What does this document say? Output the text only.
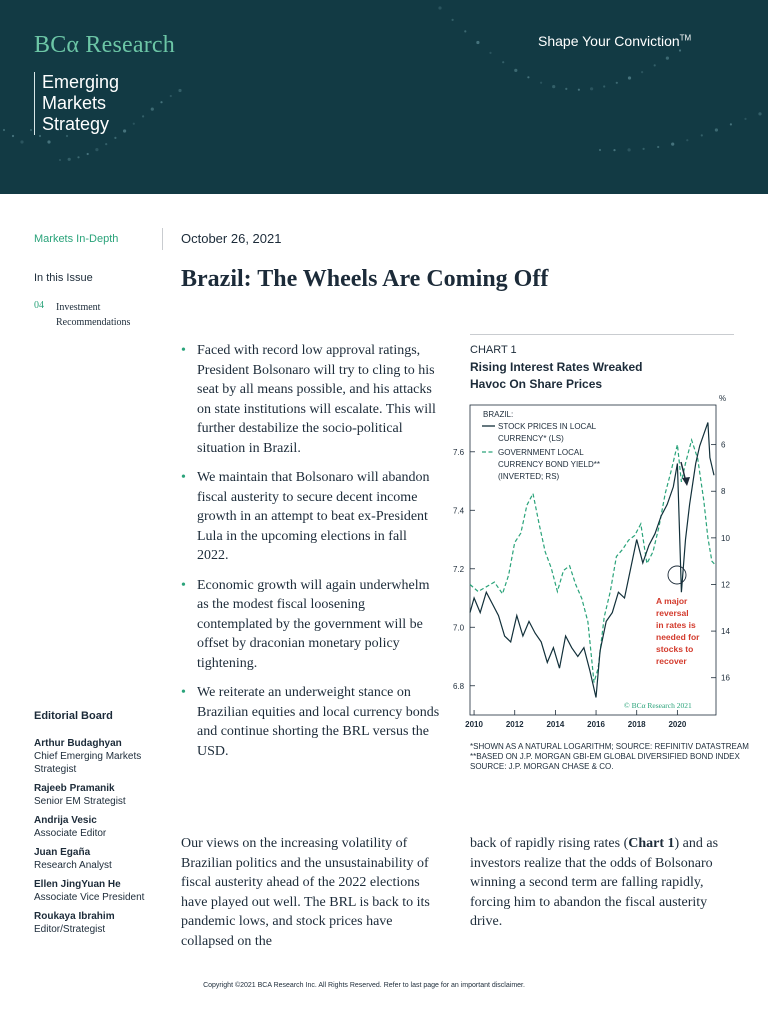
BCα Research	Shape Your Conviction™
Emerging
Markets
Strategy
Markets In-Depth
In this Issue
04 Investment Recommendations
Editorial Board
Arthur Budaghyan
Chief Emerging Markets Strategist
Rajeeb Pramanik
Senior EM Strategist
Andrija Vesic
Associate Editor
Juan Egaña
Research Analyst
Ellen JingYuan He
Associate Vice President
Roukaya Ibrahim
Editor/Strategist
October 26, 2021
Brazil: The Wheels Are Coming Off
• Faced with record low approval ratings, President Bolsonaro will try to cling to his seat by all means possible, and his attacks on state institutions will escalate. This will further destabilize the socio-political situation in Brazil.
• We maintain that Bolsonaro will abandon fiscal austerity to secure decent income growth in an attempt to beat ex-President Lula in the upcoming elections in fall 2022.
• Economic growth will again underwhelm as the modest fiscal loosening contemplated by the government will be offset by draconian monetary policy tightening.
• We reiterate an underweight stance on Brazilian equities and local currency bonds and continue shorting the BRL versus the USD.
Our views on the increasing volatility of Brazilian politics and the unsustainability of fiscal austerity ahead of the 2022 elections have played out well. The BRL is back to its pandemic lows, and stock prices have collapsed on the
back of rapidly rising rates (Chart 1) and as investors realize that the odds of Bolsonaro winning a second term are falling rapidly, forcing him to abandon the fiscal austerity drive.
CHART 1
Rising Interest Rates Wreaked Havoc On Share Prices
6.8
7.0
7.2
7.4
7.6
6
8
10
12
14
16
2010	2012	2014	2016	2018	2020
BRAZIL:
STOCK PRICES IN LOCAL
CURRENCY* (LS)
GOVERNMENT LOCAL
CURRENCY BOND YIELD**
(INVERTED; RS)
%
A major
reversal
in rates is
needed for
stocks to
recover
© BCα Research 2021
*SHOWN AS A NATURAL LOGARITHM; SOURCE: REFINITIV DATASTREAM
**BASED ON J.P. MORGAN GBI-EM GLOBAL DIVERSIFIED BOND INDEX
SOURCE: J.P. MORGAN CHASE & CO.
Copyright ©2021 BCA Research Inc. All Rights Reserved. Refer to last page for an important disclaimer.
